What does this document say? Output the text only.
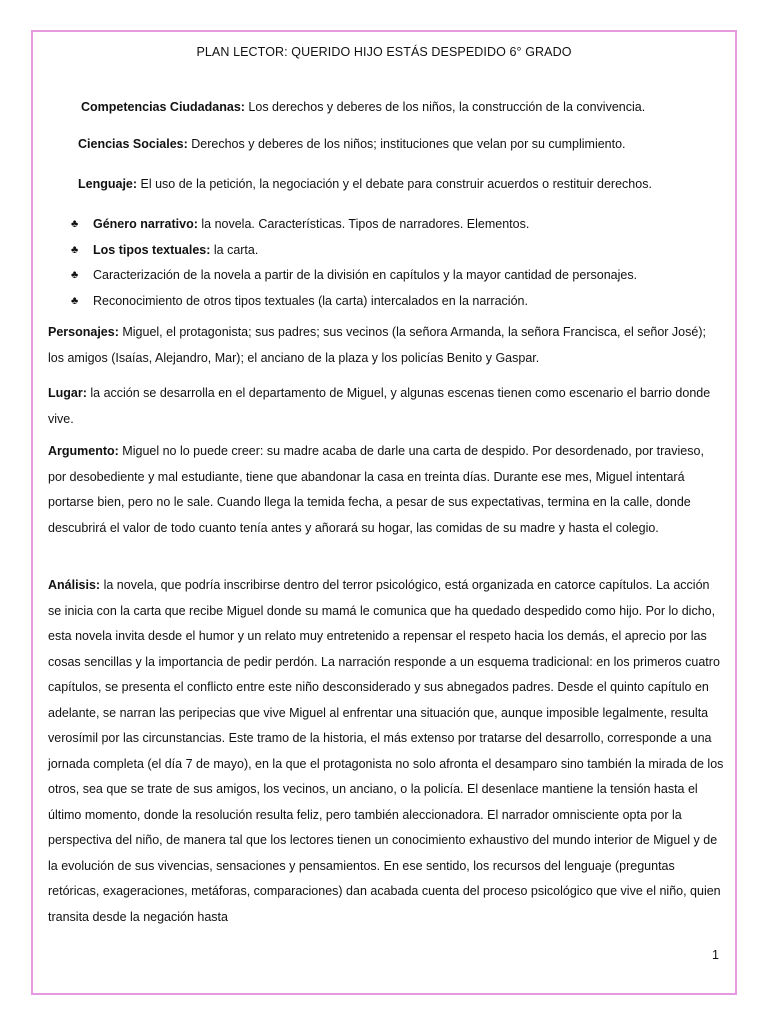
PLAN LECTOR: QUERIDO HIJO ESTÁS DESPEDIDO 6° GRADO
Competencias Ciudadanas: Los derechos y deberes de los niños, la construcción de la convivencia.
Ciencias Sociales: Derechos y deberes de los niños; instituciones que velan por su cumplimiento.
Lenguaje: El uso de la petición, la negociación y el debate para construir acuerdos o restituir derechos.
♣ Género narrativo: la novela. Características. Tipos de narradores. Elementos.
♣ Los tipos textuales: la carta.
♣ Caracterización de la novela a partir de la división en capítulos y la mayor cantidad de personajes.
♣ Reconocimiento de otros tipos textuales (la carta) intercalados en la narración.

Personajes: Miguel, el protagonista; sus padres; sus vecinos (la señora Armanda, la señora Francisca, el señor José); los amigos (Isaías, Alejandro, Mar); el anciano de la plaza y los policías Benito y Gaspar.

Lugar: la acción se desarrolla en el departamento de Miguel, y algunas escenas tienen como escenario el barrio donde vive.

Argumento: Miguel no lo puede creer: su madre acaba de darle una carta de despido. Por desordenado, por travieso, por desobediente y mal estudiante, tiene que abandonar la casa en treinta días. Durante ese mes, Miguel intentará portarse bien, pero no le sale. Cuando llega la temida fecha, a pesar de sus expectativas, termina en la calle, donde descubrirá el valor de todo cuanto tenía antes y añorará su hogar, las comidas de su madre y hasta el colegio.

Análisis: la novela, que podría inscribirse dentro del terror psicológico, está organizada en catorce capítulos. La acción se inicia con la carta que recibe Miguel donde su mamá le comunica que ha quedado despedido como hijo. Por lo dicho, esta novela invita desde el humor y un relato muy entretenido a repensar el respeto hacia los demás, el aprecio por las cosas sencillas y la importancia de pedir perdón. La narración responde a un esquema tradicional: en los primeros cuatro capítulos, se presenta el conflicto entre este niño desconsiderado y sus abnegados padres. Desde el quinto capítulo en adelante, se narran las peripecias que vive Miguel al enfrentar una situación que, aunque imposible legalmente, resulta verosímil por las circunstancias. Este tramo de la historia, el más extenso por tratarse del desarrollo, corresponde a una jornada completa (el día 7 de mayo), en la que el protagonista no solo afronta el desamparo sino también la mirada de los otros, sea que se trate de sus amigos, los vecinos, un anciano, o la policía. El desenlace mantiene la tensión hasta el último momento, donde la resolución resulta feliz, pero también aleccionadora. El narrador omnisciente opta por la perspectiva del niño, de manera tal que los lectores tienen un conocimiento exhaustivo del mundo interior de Miguel y de la evolución de sus vivencias, sensaciones y pensamientos. En ese sentido, los recursos del lenguaje (preguntas retóricas, exageraciones, metáforas, comparaciones) dan acabada cuenta del proceso psicológico que vive el niño, quien transita desde la negación hasta

1
